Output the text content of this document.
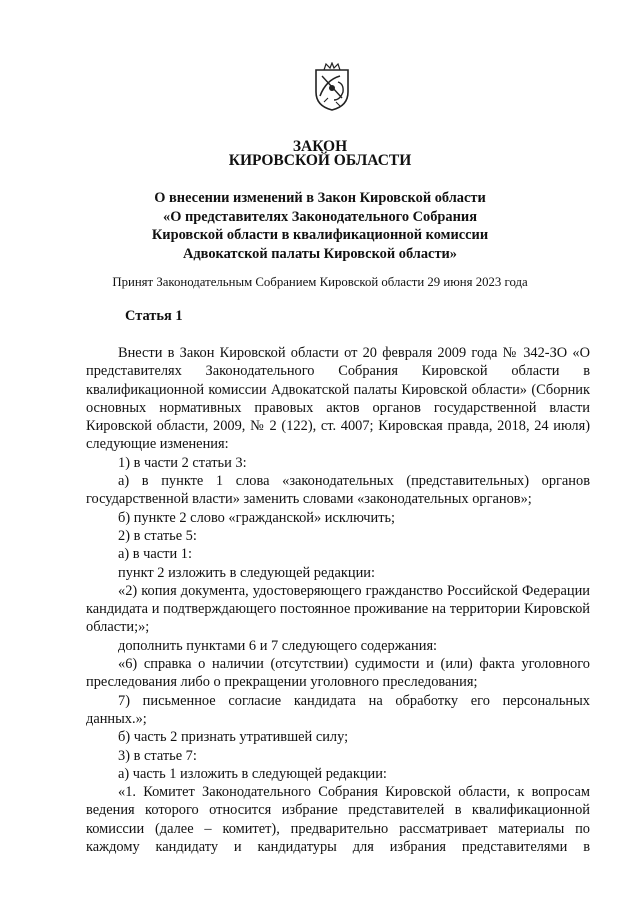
ЗАКОН
КИРОВСКОЙ ОБЛАСТИ
О внесении изменений в Закон Кировской области
«О представителях Законодательного Собрания
Кировской области в квалификационной комиссии
Адвокатской палаты Кировской области»
Принят Законодательным Собранием Кировской области 29 июня 2023 года
Статья 1

Внести в Закон Кировской области от 20 февраля 2009 года № 342-ЗО «О представителях Законодательного Собрания Кировской области в квалификационной комиссии Адвокатской палаты Кировской области» (Сборник основных нормативных правовых актов органов государственной власти Кировской области, 2009, № 2 (122), ст. 4007; Кировская правда, 2018, 24 июля) следующие изменения:

1) в части 2 статьи 3:

а) в пункте 1 слова «законодательных (представительных) органов государственной власти» заменить словами «законодательных органов»;

б) пункте 2 слово «гражданской» исключить;

2) в статье 5:

а) в части 1:

пункт 2 изложить в следующей редакции:

«2) копия документа, удостоверяющего гражданство Российской Федерации кандидата и подтверждающего постоянное проживание на территории Кировской области;»;

дополнить пунктами 6 и 7 следующего содержания:

«6) справка о наличии (отсутствии) судимости и (или) факта уголовного преследования либо о прекращении уголовного преследования;

7) письменное согласие кандидата на обработку его персональных данных.»;

б) часть 2 признать утратившей силу;

3) в статье 7:

а) часть 1 изложить в следующей редакции:

«1. Комитет Законодательного Собрания Кировской области, к вопросам ведения которого относится избрание представителей в квалификационной комиссии (далее – комитет), предварительно рассматривает материалы по каждому кандидату и кандидатуры для избрания представителями в
